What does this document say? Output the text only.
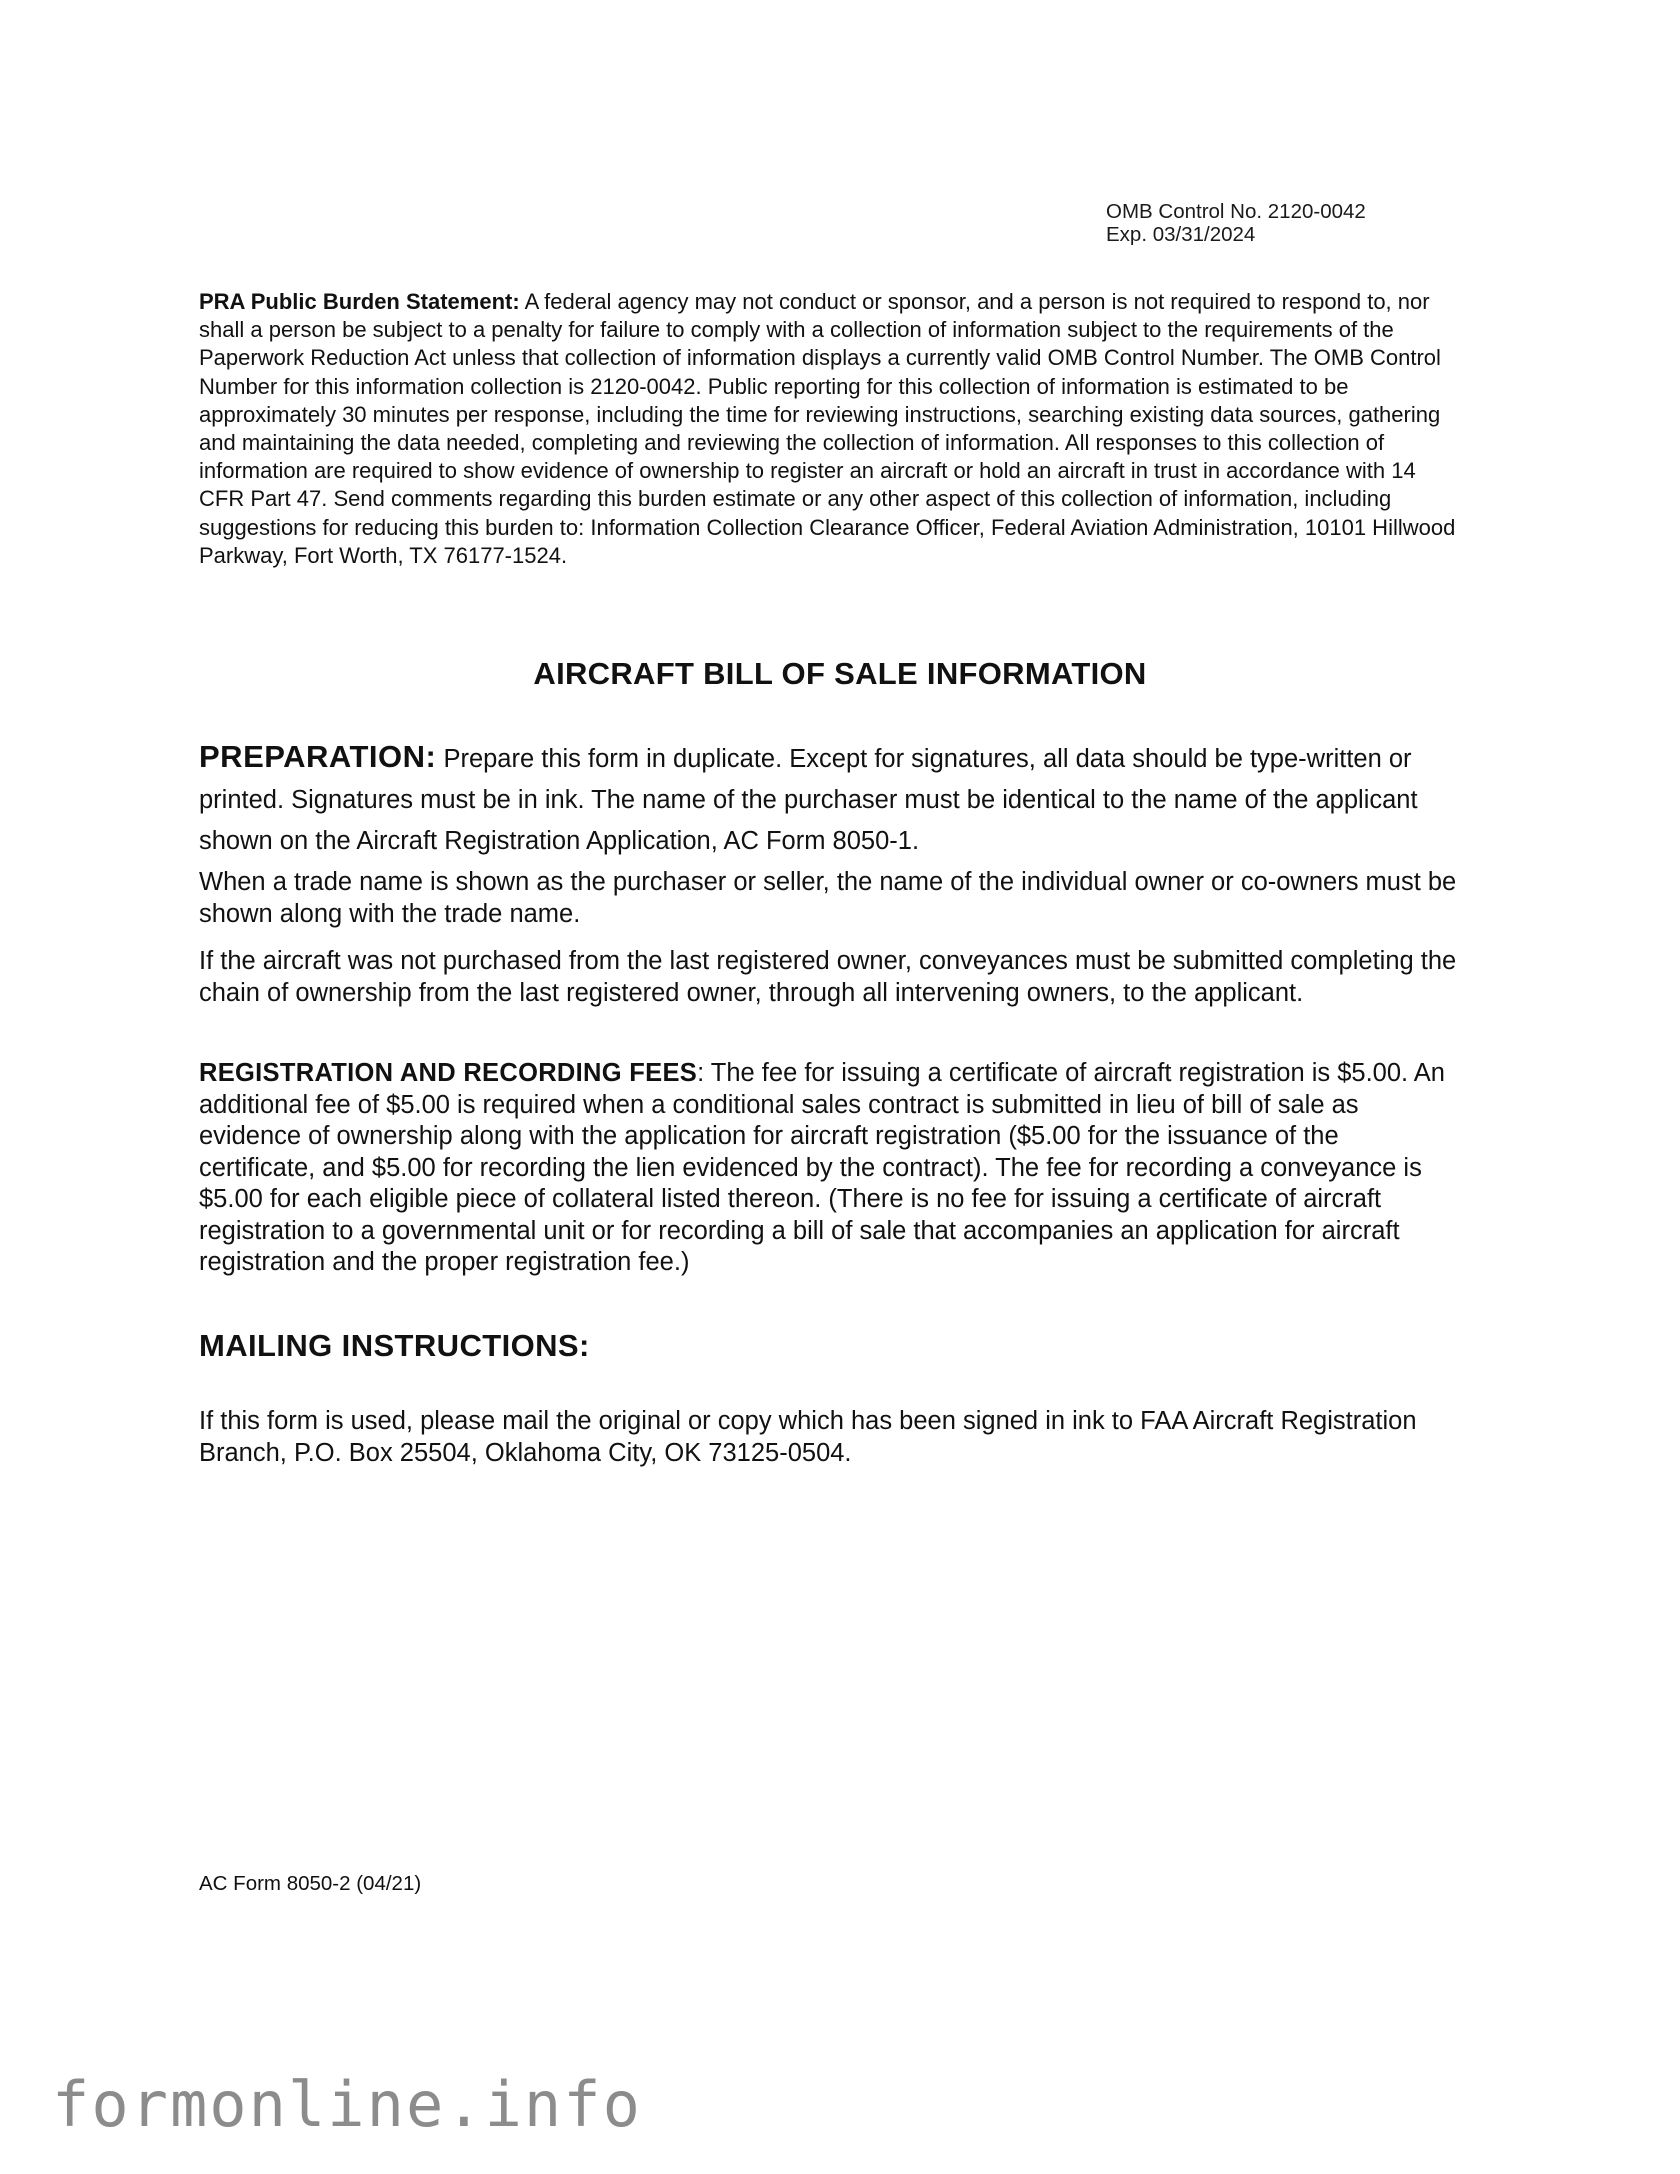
OMB Control No. 2120-0042
Exp. 03/31/2024

PRA Public Burden Statement: A federal agency may not conduct or sponsor, and a person is not required to respond to, nor shall a person be subject to a penalty for failure to comply with a collection of information subject to the requirements of the Paperwork Reduction Act unless that collection of information displays a currently valid OMB Control Number. The OMB Control Number for this information collection is 2120-0042. Public reporting for this collection of information is estimated to be approximately 30 minutes per response, including the time for reviewing instructions, searching existing data sources, gathering and maintaining the data needed, completing and reviewing the collection of information. All responses to this collection of information are required to show evidence of ownership to register an aircraft or hold an aircraft in trust in accordance with 14 CFR Part 47. Send comments regarding this burden estimate or any other aspect of this collection of information, including suggestions for reducing this burden to: Information Collection Clearance Officer, Federal Aviation Administration, 10101 Hillwood Parkway, Fort Worth, TX 76177-1524.

AIRCRAFT BILL OF SALE INFORMATION

PREPARATION: Prepare this form in duplicate. Except for signatures, all data should be type-written or printed. Signatures must be in ink. The name of the purchaser must be identical to the name of the applicant shown on the Aircraft Registration Application, AC Form 8050-1.

When a trade name is shown as the purchaser or seller, the name of the individual owner or co-owners must be shown along with the trade name.

If the aircraft was not purchased from the last registered owner, conveyances must be submitted completing the chain of ownership from the last registered owner, through all intervening owners, to the applicant.

REGISTRATION AND RECORDING FEES: The fee for issuing a certificate of aircraft registration is $5.00. An additional fee of $5.00 is required when a conditional sales contract is submitted in lieu of bill of sale as evidence of ownership along with the application for aircraft registration ($5.00 for the issuance of the certificate, and $5.00 for recording the lien evidenced by the contract). The fee for recording a conveyance is $5.00 for each eligible piece of collateral listed thereon. (There is no fee for issuing a certificate of aircraft registration to a governmental unit or for recording a bill of sale that accompanies an application for aircraft registration and the proper registration fee.)

MAILING INSTRUCTIONS:

If this form is used, please mail the original or copy which has been signed in ink to FAA Aircraft Registration Branch, P.O. Box 25504, Oklahoma City, OK 73125-0504.

AC Form 8050-2 (04/21)

formonline.info
